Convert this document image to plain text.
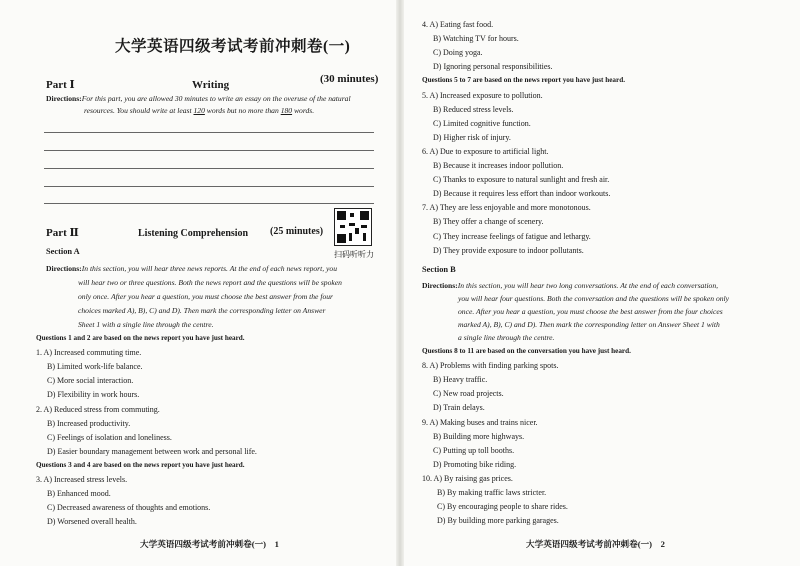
大学英语四级考试考前冲刺卷(一)
Part Ⅰ	Writing	(30 minutes)
Directions:For this part, you are allowed 30 minutes to write an essay on the overuse of the natural
resources. You should write at least 120 words but no more than 180 words.
Part Ⅱ	Listening Comprehension (25 minutes)
扫码听听力
Section A
Directions:In this section, you will hear three news reports. At the end of each news report, you
will hear two or three questions. Both the news report and the questions will be spoken
only once. After you hear a question, you must choose the best answer from the four
choices marked A), B), C) and D). Then mark the corresponding letter on Answer
Sheet 1 with a single line through the centre.
Questions 1 and 2 are based on the news report you have just heard.
1. A) Increased commuting time.
B) Limited work-life balance.
C) More social interaction.
D) Flexibility in work hours.
2. A) Reduced stress from commuting.
B) Increased productivity.
C) Feelings of isolation and loneliness.
D) Easier boundary management between work and personal life.
Questions 3 and 4 are based on the news report you have just heard.
3. A) Increased stress levels.
B) Enhanced mood.
C) Decreased awareness of thoughts and emotions.
D) Worsened overall health.
大学英语四级考试考前冲刺卷(一)　1
4. A) Eating fast food.
B) Watching TV for hours.
C) Doing yoga.
D) Ignoring personal responsibilities.
Questions 5 to 7 are based on the news report you have just heard.
5. A) Increased exposure to pollution.
B) Reduced stress levels.
C) Limited cognitive function.
D) Higher risk of injury.
6. A) Due to exposure to artificial light.
B) Because it increases indoor pollution.
C) Thanks to exposure to natural sunlight and fresh air.
D) Because it requires less effort than indoor workouts.
7. A) They are less enjoyable and more monotonous.
B) They offer a change of scenery.
C) They increase feelings of fatigue and lethargy.
D) They provide exposure to indoor pollutants.
Section B
Directions:In this section, you will hear two long conversations. At the end of each conversation,
you will hear four questions. Both the conversation and the questions will be spoken only
once. After you hear a question, you must choose the best answer from the four choices
marked A), B), C) and D). Then mark the corresponding letter on Answer Sheet 1 with
a single line through the centre.
Questions 8 to 11 are based on the conversation you have just heard.
8. A) Problems with finding parking spots.
B) Heavy traffic.
C) New road projects.
D) Train delays.
9. A) Making buses and trains nicer.
B) Building more highways.
C) Putting up toll booths.
D) Promoting bike riding.
10. A) By raising gas prices.
B) By making traffic laws stricter.
C) By encouraging people to share rides.
D) By building more parking garages.
大学英语四级考试考前冲刺卷(一)　2
